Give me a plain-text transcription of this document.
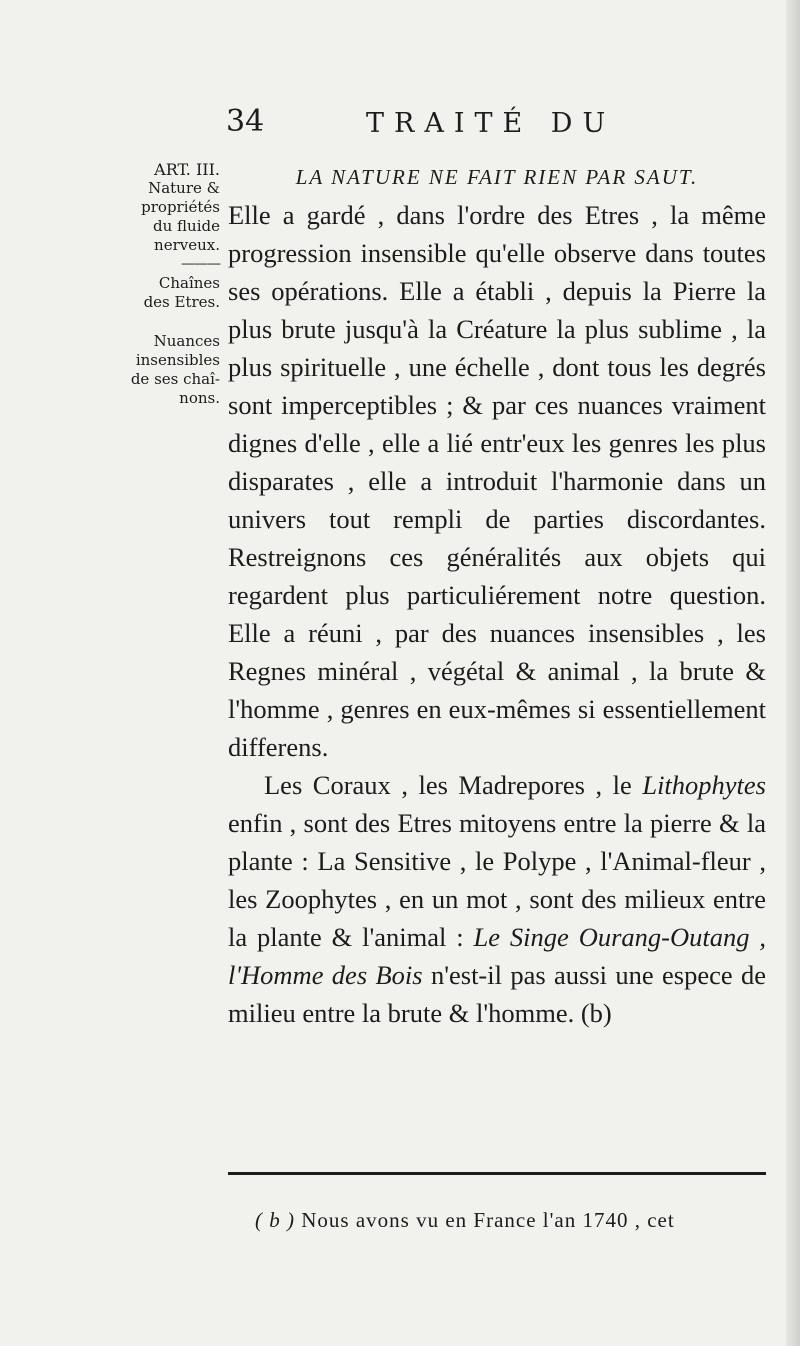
34	TRAITÉ DU
ART. III.
Nature &
propriétés
du fluide
nerveux.
———
Chaînes
des Etres.
Nuances
insensibles
de ses chaî-
nons.

LA NATURE NE FAIT RIEN PAR SAUT.

Elle a gardé , dans l'ordre des Etres , la même progression insensible qu'elle observe dans toutes ses opérations. Elle a établi , depuis la Pierre la plus brute jusqu'à la Créature la plus sublime , la plus spirituelle , une échelle , dont tous les degrés sont imperceptibles ; & par ces nuances vraiment dignes d'elle , elle a lié entr'eux les genres les plus disparates , elle a introduit l'harmonie dans un univers tout rempli de parties discordantes. Restreignons ces généralités aux objets qui regardent plus particuliérement notre question. Elle a réuni , par des nuances insensibles , les Regnes minéral , végétal & animal , la brute & l'homme , genres en eux-mêmes si essentiellement differens.

Les Coraux , les Madrepores , le Lithophytes enfin , sont des Etres mitoyens entre la pierre & la plante : La Sensitive , le Polype , l'Animal-fleur , les Zoophytes , en un mot , sont des milieux entre la plante & l'animal : Le Singe Ourang-Outang , l'Homme des Bois n'est-il pas aussi une espece de milieu entre la brute & l'homme. (b)

( b ) Nous avons vu en France l'an 1740 , cet
